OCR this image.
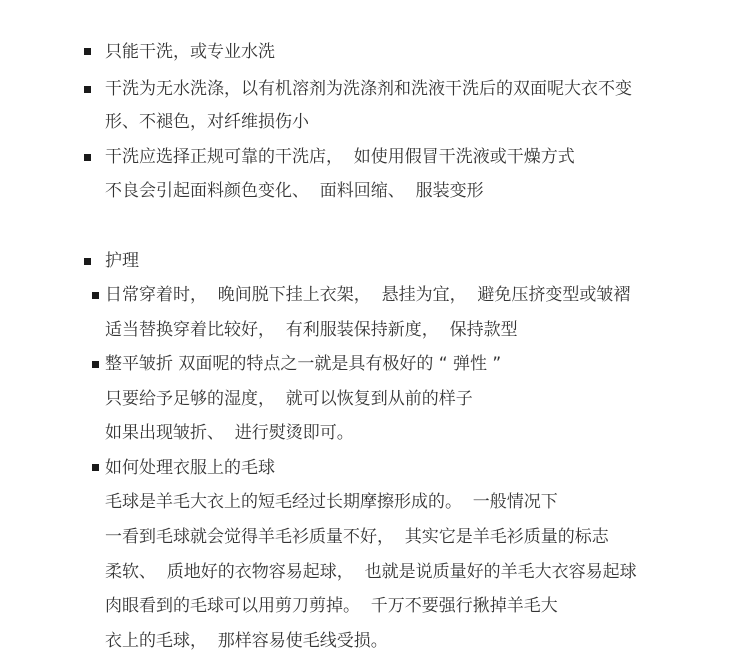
只能干洗，或专业水洗
干洗为无水洗涤，以有机溶剂为洗涤剂和洗液干洗后的双面呢大衣不变
形、不褪色，对纤维损伤小
干洗应选择正规可靠的干洗店，  如使用假冒干洗液或干燥方式
不良会引起面料颜色变化、  面料回缩、  服装变形
护理
日常穿着时，  晚间脱下挂上衣架，  悬挂为宜，  避免压挤变型或皱褶
适当替换穿着比较好，  有利服装保持新度，  保持款型
整平皱折 双面呢的特点之一就是具有极好的 “ 弹性 ”
只要给予足够的湿度，  就可以恢复到从前的样子
如果出现皱折、  进行熨烫即可。
如何处理衣服上的毛球
毛球是羊毛大衣上的短毛经过长期摩擦形成的。  一般情况下
一看到毛球就会觉得羊毛衫质量不好，  其实它是羊毛衫质量的标志
柔软、  质地好的衣物容易起球，  也就是说质量好的羊毛大衣容易起球
肉眼看到的毛球可以用剪刀剪掉。  千万不要强行揪掉羊毛大
衣上的毛球，  那样容易使毛线受损。
